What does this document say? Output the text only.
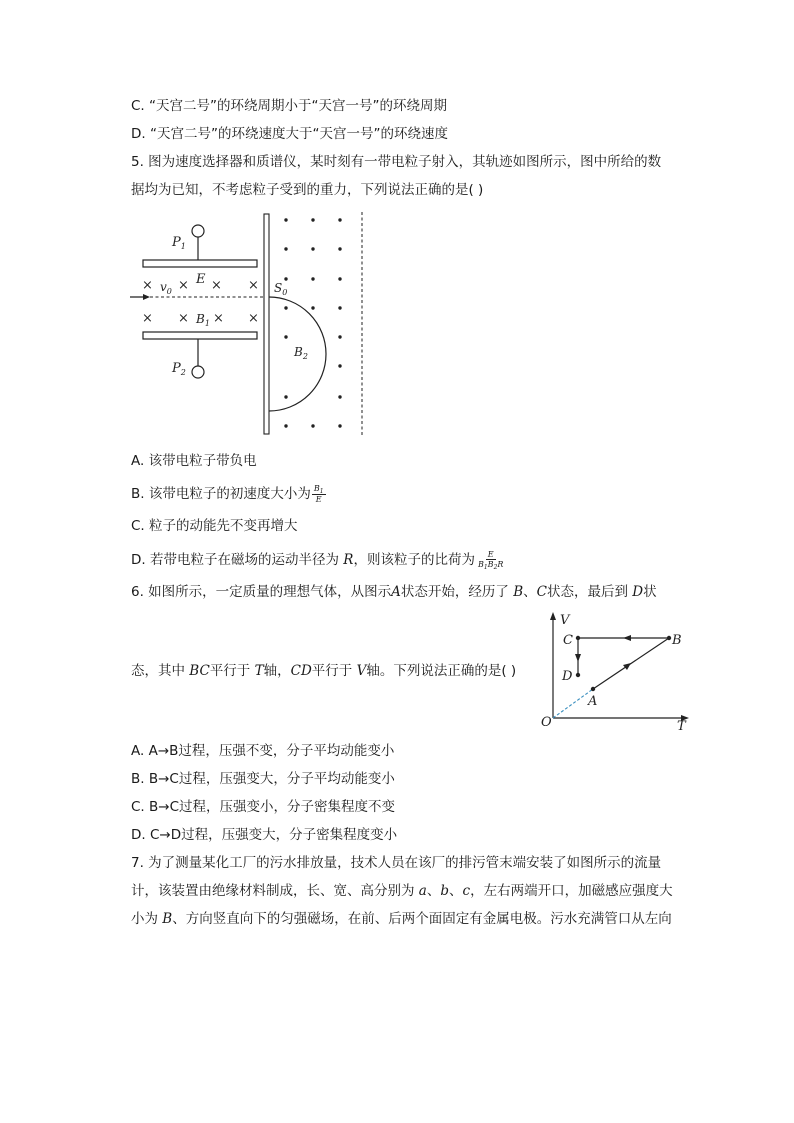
C. “天宫二号”的环绕周期小于“天宫一号”的环绕周期
D. “天宫二号”的环绕速度大于“天宫一号”的环绕速度
5. 图为速度选择器和质谱仪，某时刻有一带电粒子射入，其轨迹如图所示，图中所给的数
据均为已知，不考虑粒子受到的重力，下列说法正确的是( )
$P_1$
$P_2$
E
× × × ×
× × × ×
$v_0$
$B_1$
$S_0$
$B_2$
A. 该带电粒子带负电
B. 该带电粒子的初速度大小为 $\frac{B_1}{E}$
C. 粒子的动能先不变再增大
D. 若带电粒子在磁场的运动半径为 R，则该粒子的比荷为 $\frac{E}{B_1B_2R}$
6. 如图所示，一定质量的理想气体，从图示A状态开始，经历了 B、C状态，最后到 D状
态，其中 BC平行于 T轴，CD平行于 V轴。下列说法正确的是( )
V
T
O
A
B
C
D
A. A→B过程，压强不变，分子平均动能变小
B. B→C过程，压强变大，分子平均动能变小
C. B→C过程，压强变小，分子密集程度不变
D. C→D过程，压强变大，分子密集程度变小
7. 为了测量某化工厂的污水排放量，技术人员在该厂的排污管末端安装了如图所示的流量
计，该装置由绝缘材料制成，长、宽、高分别为 a、b、c，左右两端开口，加磁感应强度大
小为 B、方向竖直向下的匀强磁场，在前、后两个面固定有金属电极。污水充满管口从左向
